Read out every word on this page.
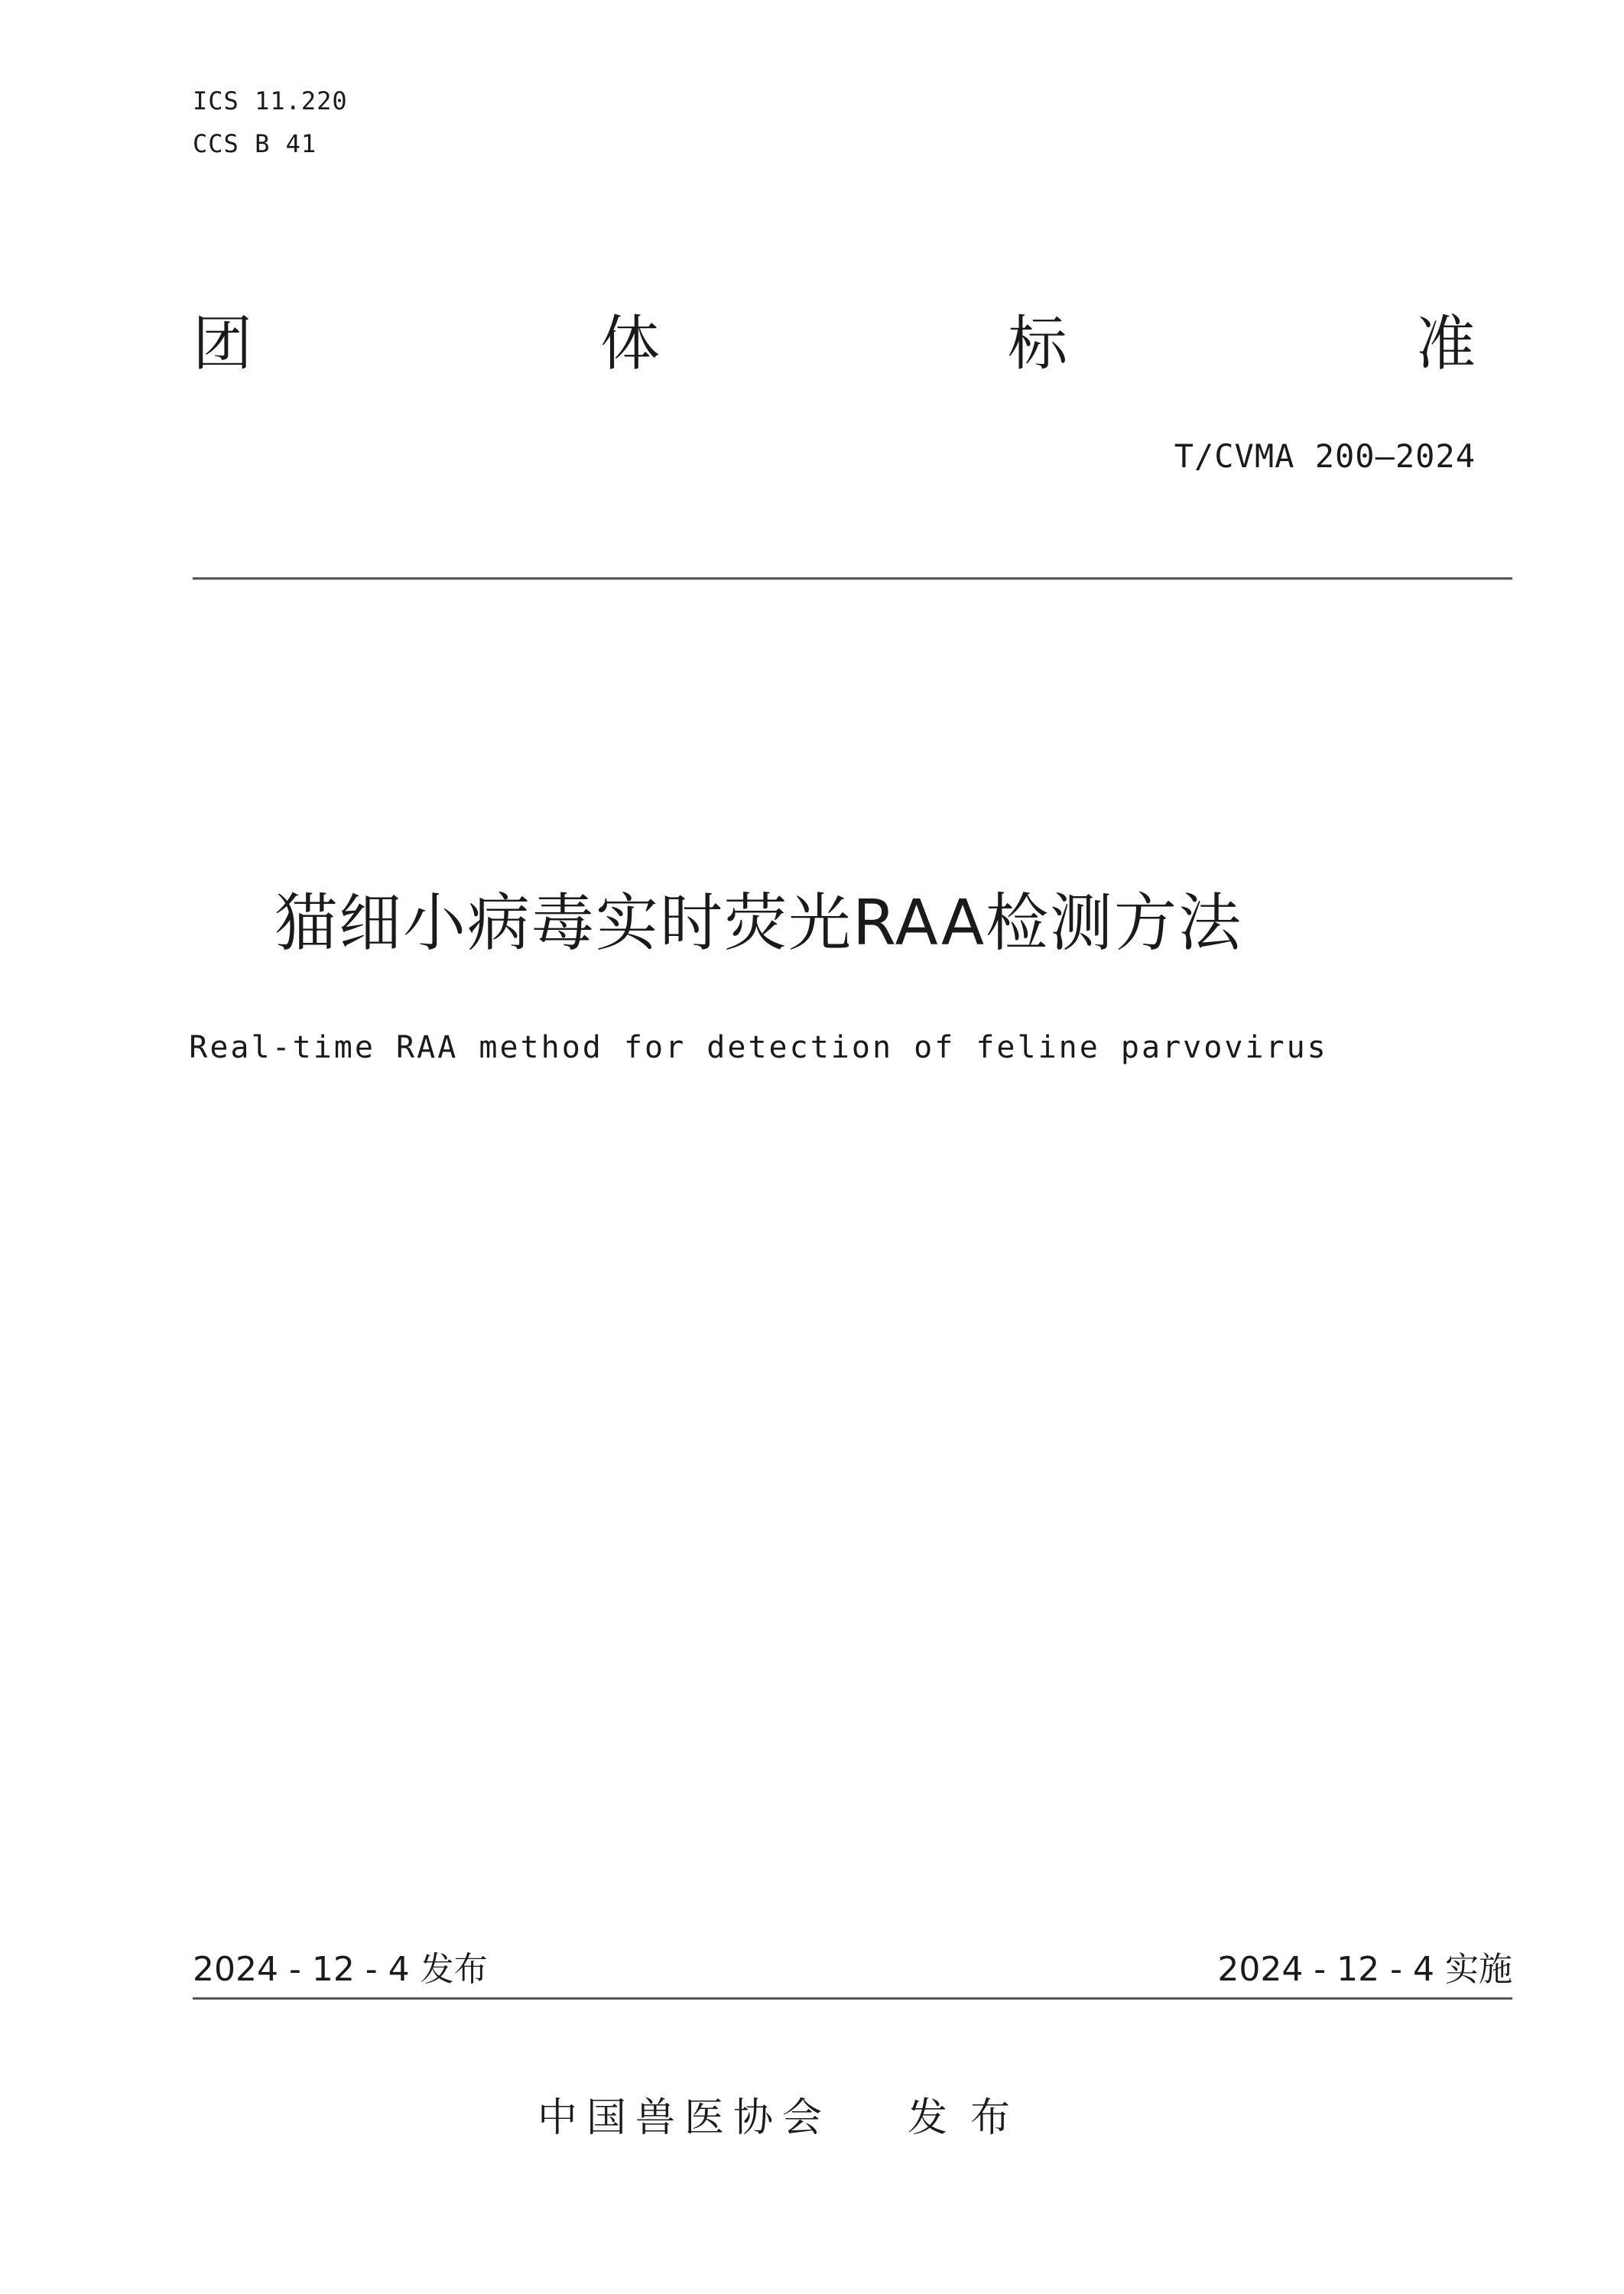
ICS 11.220
CCS B 41
团	体	标	准
T/CVMA 200—2024
猫细小病毒实时荧光RAA检测方法
Real-time RAA method for detection of feline parvovirus
2024 - 12 - 4 发布	2024 - 12 - 4 实施
中国兽医协会 发布
